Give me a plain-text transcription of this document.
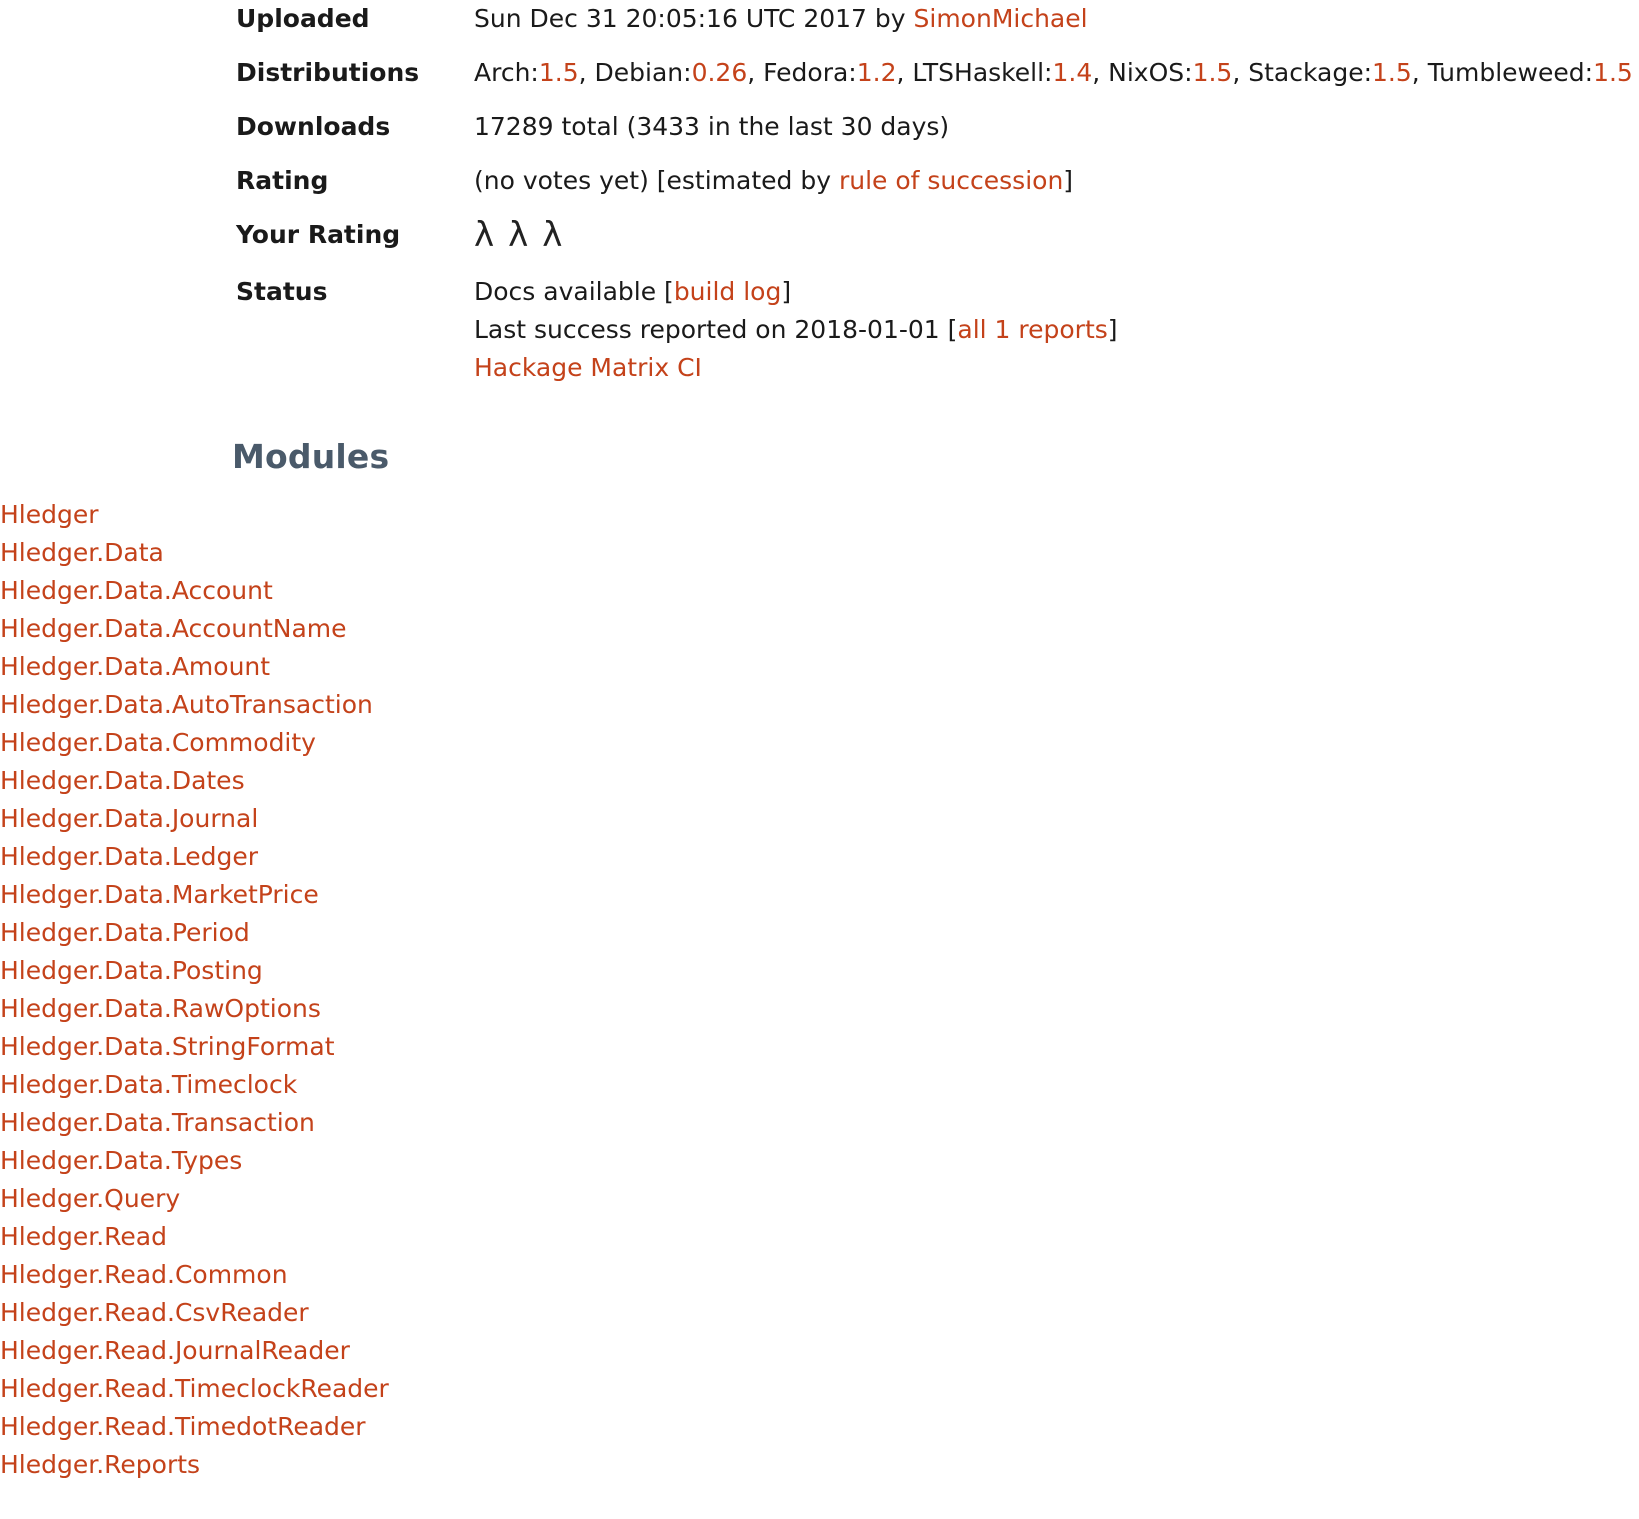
Uploaded	Sun Dec 31 20:05:16 UTC 2017 by SimonMichael
Distributions	Arch:1.5, Debian:0.26, Fedora:1.2, LTSHaskell:1.4, NixOS:1.5, Stackage:1.5, Tumbleweed:1.5
Downloads	17289 total (3433 in the last 30 days)
Rating	(no votes yet) [estimated by rule of succession]
Your Rating	λλλ
Status	Docs available [build log]
Last success reported on 2018-01-01 [all 1 reports]
Hackage Matrix CI
Modules
Hledger
Hledger.Data
Hledger.Data.Account
Hledger.Data.AccountName
Hledger.Data.Amount
Hledger.Data.AutoTransaction
Hledger.Data.Commodity
Hledger.Data.Dates
Hledger.Data.Journal
Hledger.Data.Ledger
Hledger.Data.MarketPrice
Hledger.Data.Period
Hledger.Data.Posting
Hledger.Data.RawOptions
Hledger.Data.StringFormat
Hledger.Data.Timeclock
Hledger.Data.Transaction
Hledger.Data.Types
Hledger.Query
Hledger.Read
Hledger.Read.Common
Hledger.Read.CsvReader
Hledger.Read.JournalReader
Hledger.Read.TimeclockReader
Hledger.Read.TimedotReader
Hledger.Reports
